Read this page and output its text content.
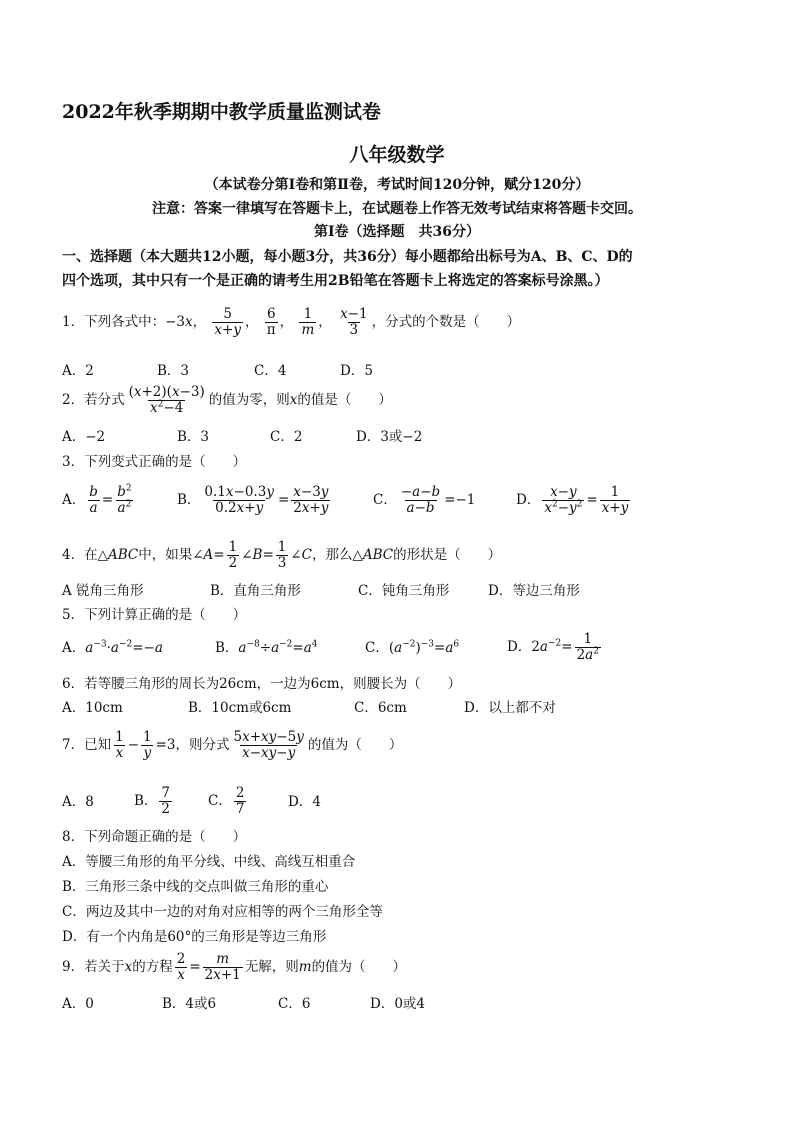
2022年秋季期期中教学质量监测试卷
八年级数学
（本试卷分第Ⅰ卷和第Ⅱ卷，考试时间120分钟，赋分120分）
注意：答案一律填写在答题卡上，在试题卷上作答无效考试结束将答题卡交回。
第Ⅰ卷（选择题　共36分）
一、选择题（本大题共12小题，每小题3分，共36分）每小题都给出标号为A、B、C、D的
四个选项，其中只有一个是正确的请考生用2B铅笔在答题卡上将选定的答案标号涂黑。）
1．下列各式中：−3x， $\frac{5}{x+y}$ ， $\frac{6}{\pi}$ ， $\frac{1}{m}$ ， $\frac{x-1}{3}$ ，分式的个数是（　　）
A．2	B．3	C．4	D．5
2．若分式 $\frac{(x+2)(x-3)}{x^2-4}$ 的值为零，则x的值是（　　）
A．−2	B．3	C．2	D．3或−2
3．下列变式正确的是（　　）
A． $\frac{b}{a} = \frac{b^2}{a^2}$	B． $\frac{0.1x-0.3y}{0.2x+y} = \frac{x-3y}{2x+y}$	C． $\frac{-a-b}{a-b} =-1$	D． $\frac{x-y}{x^2-y^2} = \frac{1}{x+y}$
4．在△ABC中，如果∠A= $\frac{1}{2}$ ∠B= $\frac{1}{3}$ ∠C，那么△ABC的形状是（　　）
A 锐角三角形	B．直角三角形	C．钝角三角形	D．等边三角形
5．下列计算正确的是（　　）
A．$a^{-3}\cdot a^{-2}=-a$	B．$a^{-8}\div a^{-2}=a^4$	C．$(a^{-2})^{-3}=a^6$	D．$2a^{-2}= \frac{1}{2a^2}$
6．若等腰三角形的周长为26cm，一边为6cm，则腰长为（　　）
A．10cm	B．10cm或6cm	C．6cm	D．以上都不对
7．已知 $\frac{1}{x} - \frac{1}{y} =3$，则分式 $\frac{5x+xy-5y}{x-xy-y}$ 的值为（　　）
A．8	B． $\frac{7}{2}$	C． $\frac{2}{7}$	D．4
8．下列命题正确的是（　　）
A．等腰三角形的角平分线、中线、高线互相重合
B．三角形三条中线的交点叫做三角形的重心
C．两边及其中一边的对角对应相等的两个三角形全等
D．有一个内角是60°的三角形是等边三角形
9．若关于x的方程 $\frac{2}{x} = \frac{m}{2x+1}$ 无解，则m的值为（　　）
A．0	B．4或6	C．6	D．0或4
